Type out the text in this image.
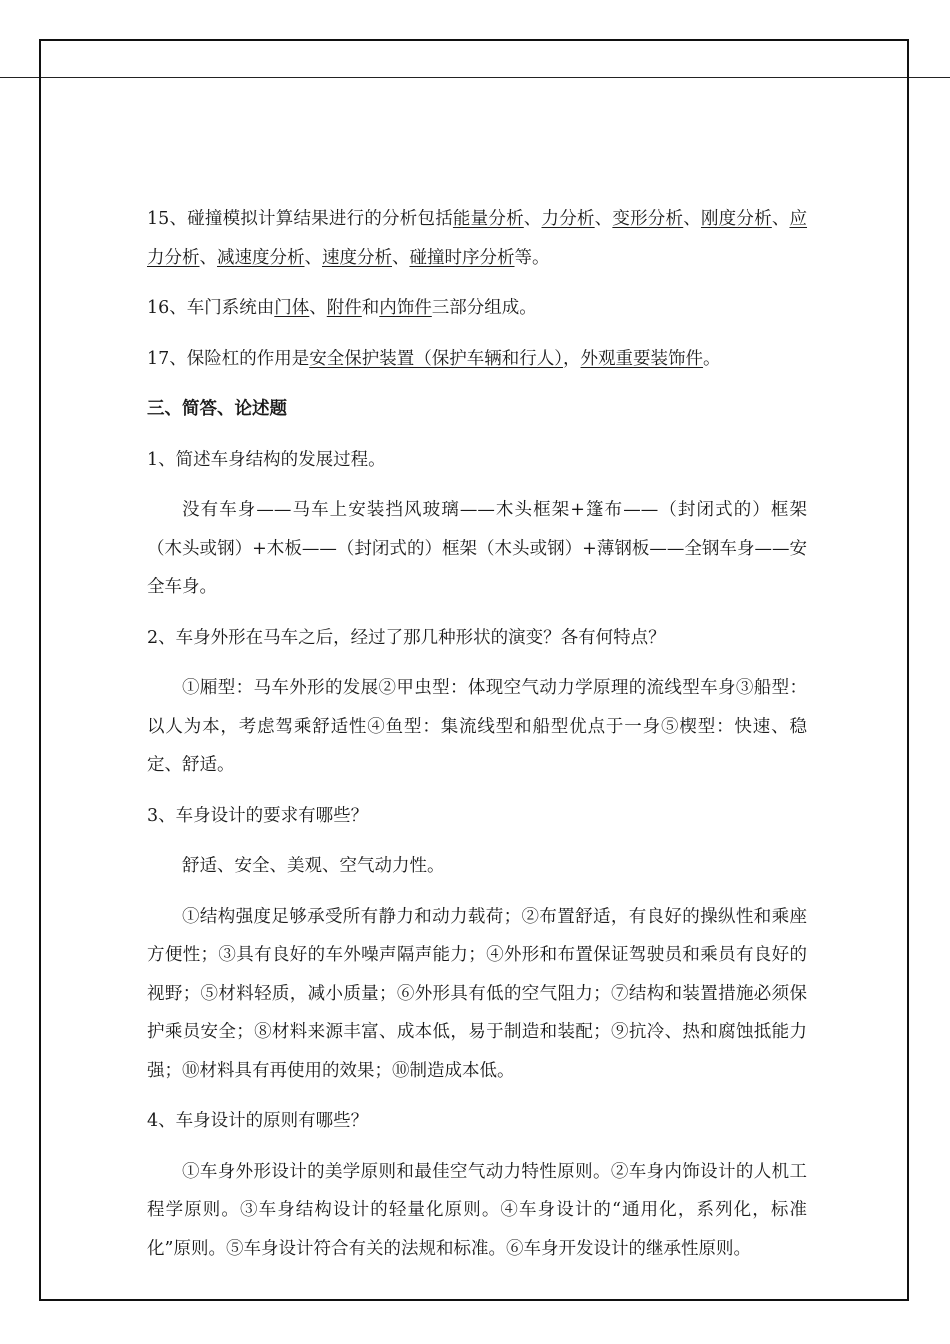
15、碰撞模拟计算结果进行的分析包括能量分析、力分析、变形分析、刚度分析、应力分析、减速度分析、速度分析、碰撞时序分析等。

16、车门系统由门体、附件和内饰件三部分组成。

17、保险杠的作用是安全保护装置（保护车辆和行人），外观重要装饰件。

三、简答、论述题

1、简述车身结构的发展过程。

没有车身——马车上安装挡风玻璃——木头框架+篷布——（封闭式的）框架（木头或钢）+木板——（封闭式的）框架（木头或钢）+薄钢板——全钢车身——安全车身。

2、车身外形在马车之后，经过了那几种形状的演变？各有何特点？

①厢型：马车外形的发展②甲虫型：体现空气动力学原理的流线型车身③船型：以人为本，考虑驾乘舒适性④鱼型：集流线型和船型优点于一身⑤楔型：快速、稳定、舒适。

3、车身设计的要求有哪些？

舒适、安全、美观、空气动力性。

①结构强度足够承受所有静力和动力载荷；②布置舒适，有良好的操纵性和乘座方便性；③具有良好的车外噪声隔声能力；④外形和布置保证驾驶员和乘员有良好的视野；⑤材料轻质，减小质量；⑥外形具有低的空气阻力；⑦结构和装置措施必须保护乘员安全；⑧材料来源丰富、成本低，易于制造和装配；⑨抗冷、热和腐蚀抵能力强；⑩材料具有再使用的效果；⑩制造成本低。

4、车身设计的原则有哪些？

①车身外形设计的美学原则和最佳空气动力特性原则。②车身内饰设计的人机工程学原则。③车身结构设计的轻量化原则。④车身设计的“通用化，系列化，标准化”原则。⑤车身设计符合有关的法规和标准。⑥车身开发设计的继承性原则。
